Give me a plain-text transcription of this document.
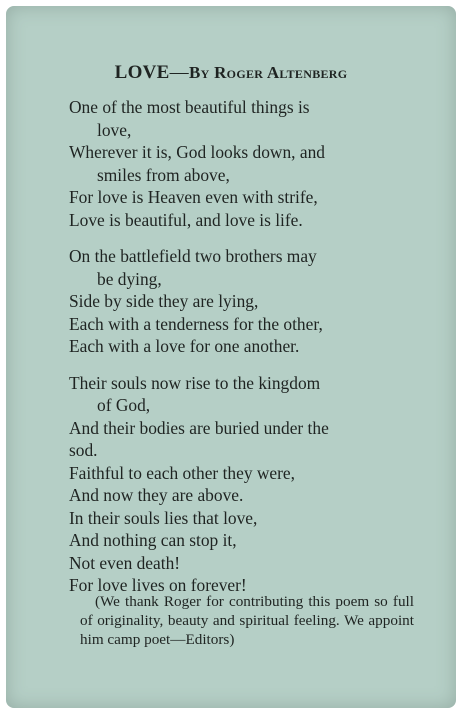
LOVE—By Roger Altenberg
One of the most beautiful things is
love,
Wherever it is, God looks down, and
smiles from above,
For love is Heaven even with strife,
Love is beautiful, and love is life.
On the battlefield two brothers may
be dying,
Side by side they are lying,
Each with a tenderness for the other,
Each with a love for one another.
Their souls now rise to the kingdom
of God,
And their bodies are buried under the
sod.
Faithful to each other they were,
And now they are above.
In their souls lies that love,
And nothing can stop it,
Not even death!
For love lives on forever!
(We thank Roger for contributing this poem so full of originality, beauty and spiritual feeling. We appoint him camp poet—Editors)
